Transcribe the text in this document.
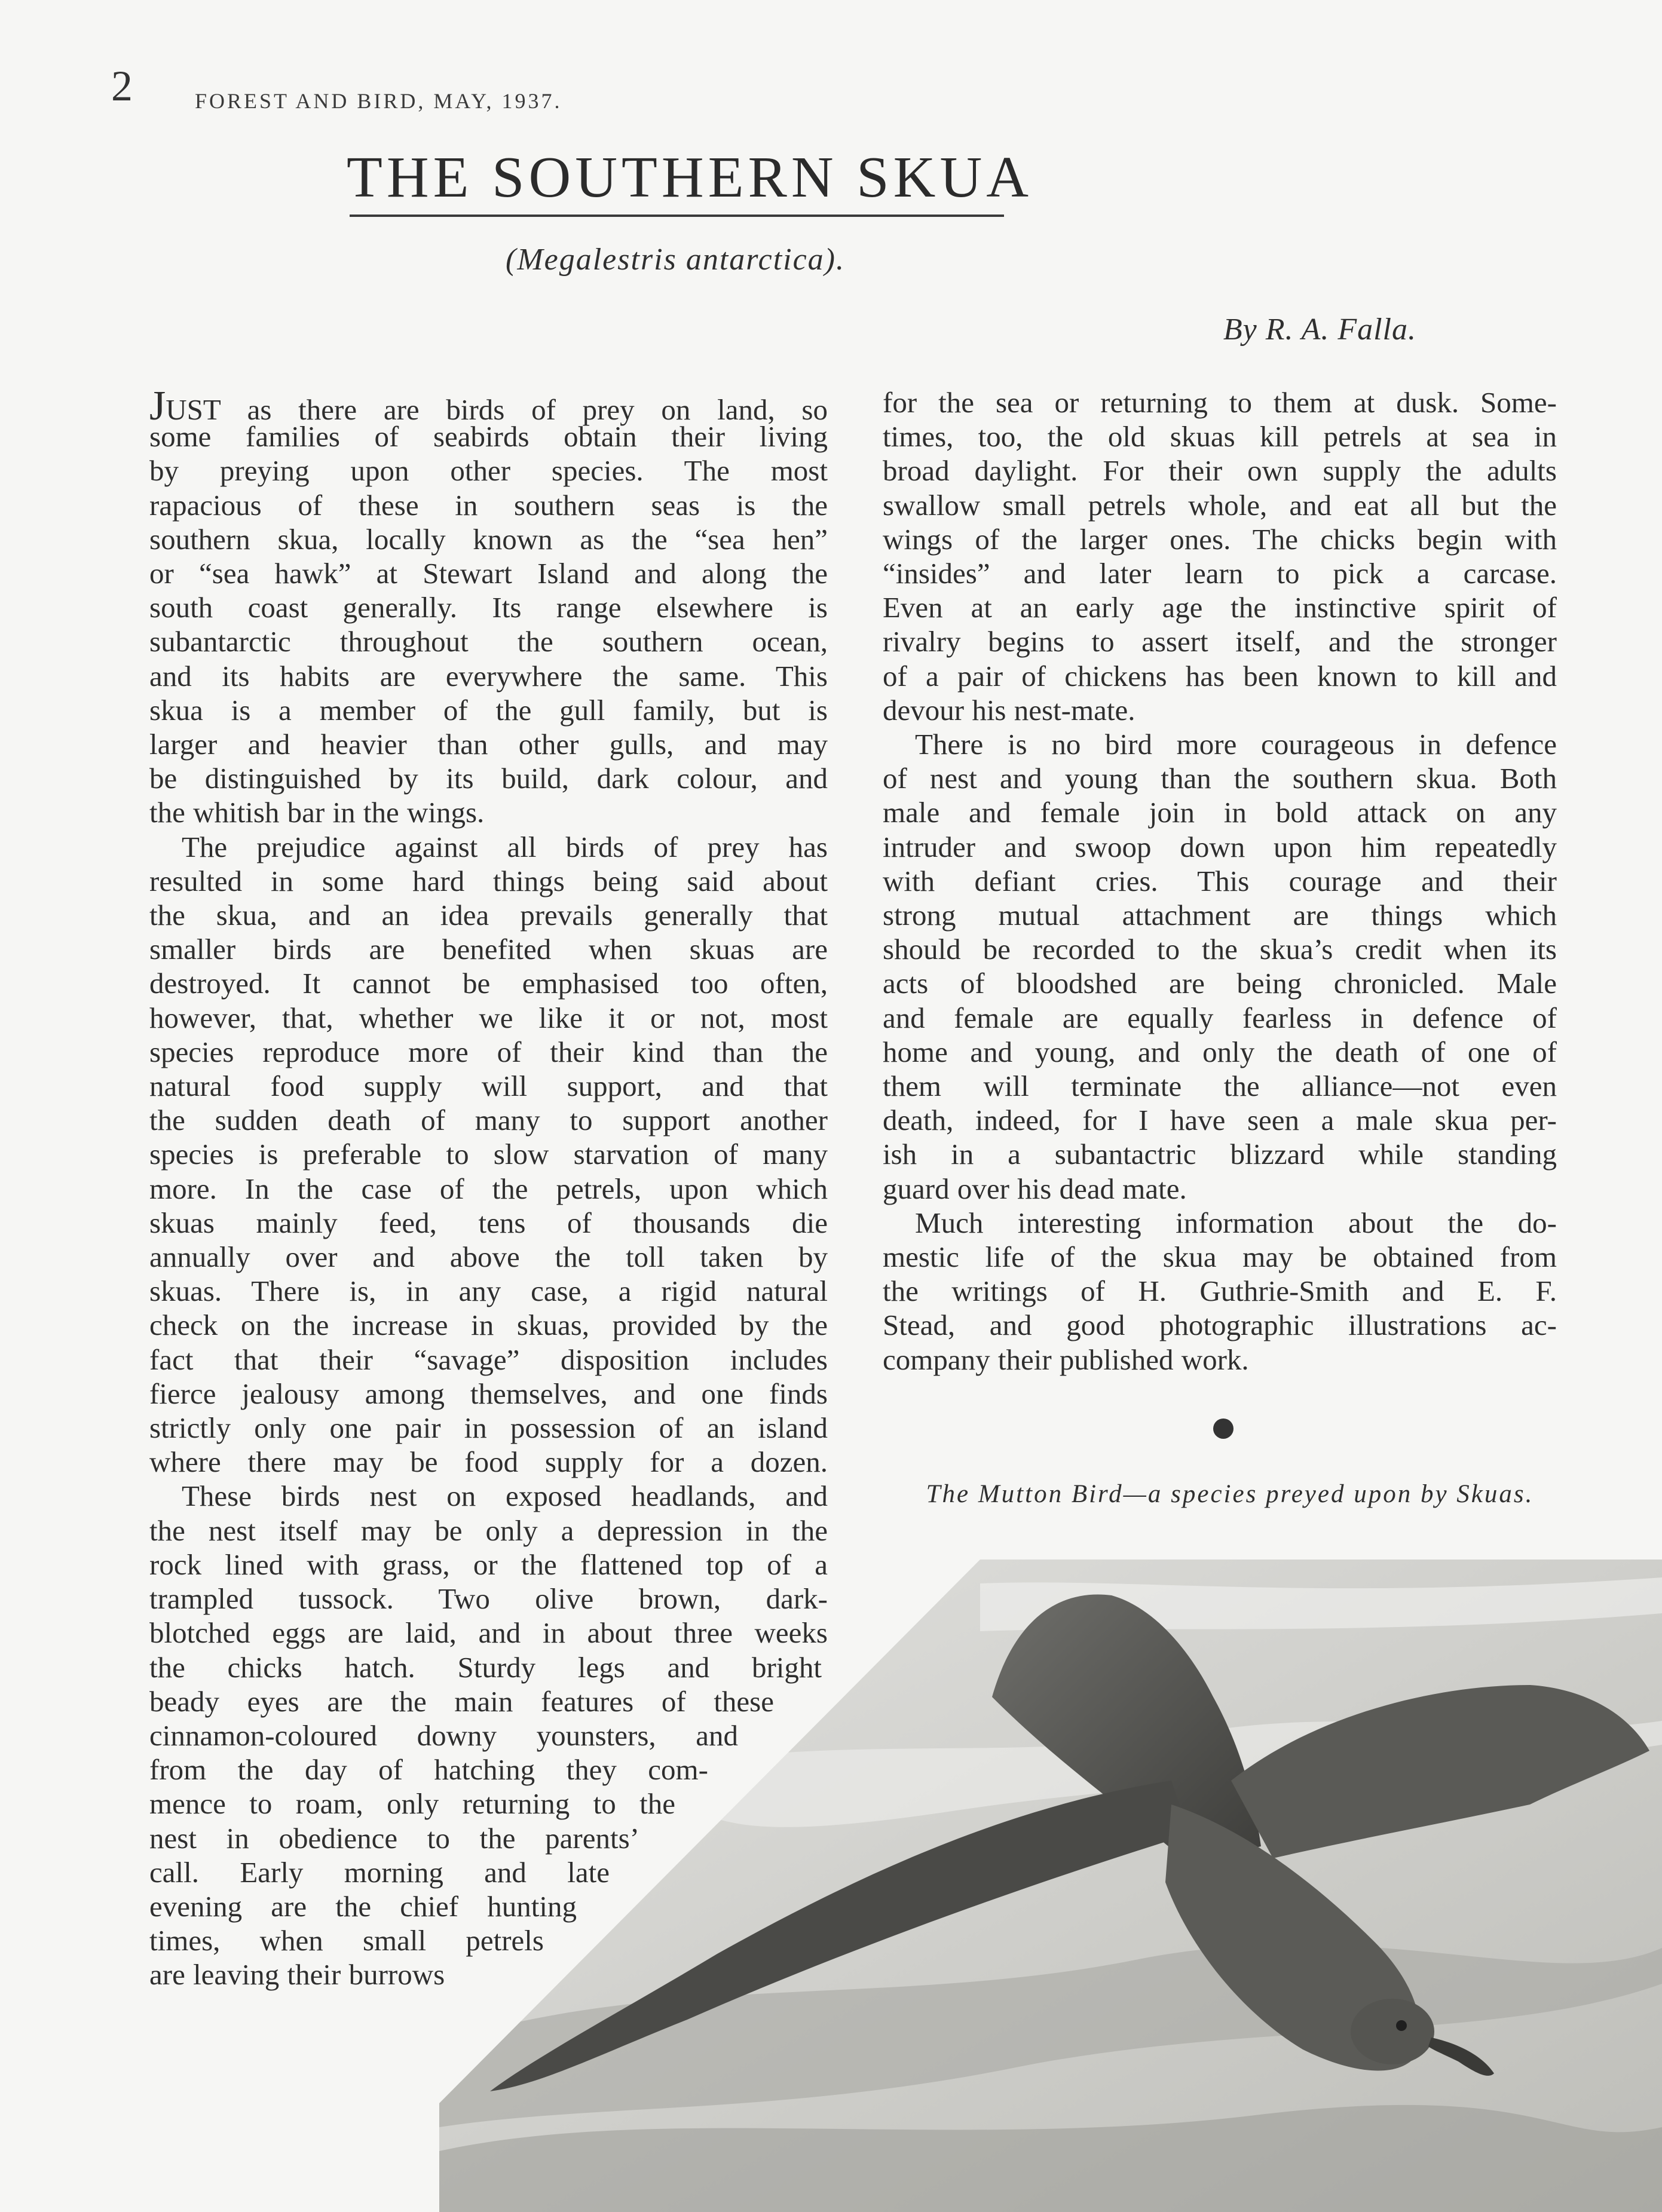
2	FOREST AND BIRD, MAY, 1937.
THE SOUTHERN SKUA
(Megalestris antarctica).
By R. A. Falla.

JUST as there are birds of prey on land, so

some families of seabirds obtain their living

by preying upon other species. The most

rapacious of these in southern seas is the

southern skua, locally known as the “sea hen”

or “sea hawk” at Stewart Island and along the

south coast generally. Its range elsewhere is

subantarctic throughout the southern ocean,

and its habits are everywhere the same. This

skua is a member of the gull family, but is

larger and heavier than other gulls, and may

be distinguished by its build, dark colour, and

the whitish bar in the wings.

The prejudice against all birds of prey has

resulted in some hard things being said about

the skua, and an idea prevails generally that

smaller birds are benefited when skuas are

destroyed. It cannot be emphasised too often,

however, that, whether we like it or not, most

species reproduce more of their kind than the

natural food supply will support, and that

the sudden death of many to support another

species is preferable to slow starvation of many

more. In the case of the petrels, upon which

skuas mainly feed, tens of thousands die

annually over and above the toll taken by

skuas. There is, in any case, a rigid natural

check on the increase in skuas, provided by the

fact that their “savage” disposition includes

fierce jealousy among themselves, and one finds

strictly only one pair in possession of an island

where there may be food supply for a dozen.

These birds nest on exposed headlands, and

the nest itself may be only a depression in the

rock lined with grass, or the flattened top of a

trampled tussock. Two olive brown, dark-

blotched eggs are laid, and in about three weeks

the chicks hatch. Sturdy legs and bright

beady eyes are the main features of these

cinnamon-coloured downy younsters, and

from the day of hatching they com-

mence to roam, only returning to the

nest in obedience to the parents’

call. Early morning and late

evening are the chief hunting

times, when small petrels

are leaving their burrows

for the sea or returning to them at dusk. Some-

times, too, the old skuas kill petrels at sea in

broad daylight. For their own supply the adults

swallow small petrels whole, and eat all but the

wings of the larger ones. The chicks begin with

“insides” and later learn to pick a carcase.

Even at an early age the instinctive spirit of

rivalry begins to assert itself, and the stronger

of a pair of chickens has been known to kill and

devour his nest-mate.

There is no bird more courageous in defence

of nest and young than the southern skua. Both

male and female join in bold attack on any

intruder and swoop down upon him repeatedly

with defiant cries. This courage and their

strong mutual attachment are things which

should be recorded to the skua’s credit when its

acts of bloodshed are being chronicled. Male

and female are equally fearless in defence of

home and young, and only the death of one of

them will terminate the alliance—not even

death, indeed, for I have seen a male skua per-

ish in a subantactric blizzard while standing

guard over his dead mate.

Much interesting information about the do-

mestic life of the skua may be obtained from

the writings of H. Guthrie-Smith and E. F.

Stead, and good photographic illustrations ac-

company their published work.

The Mutton Bird—a species preyed upon by Skuas.
